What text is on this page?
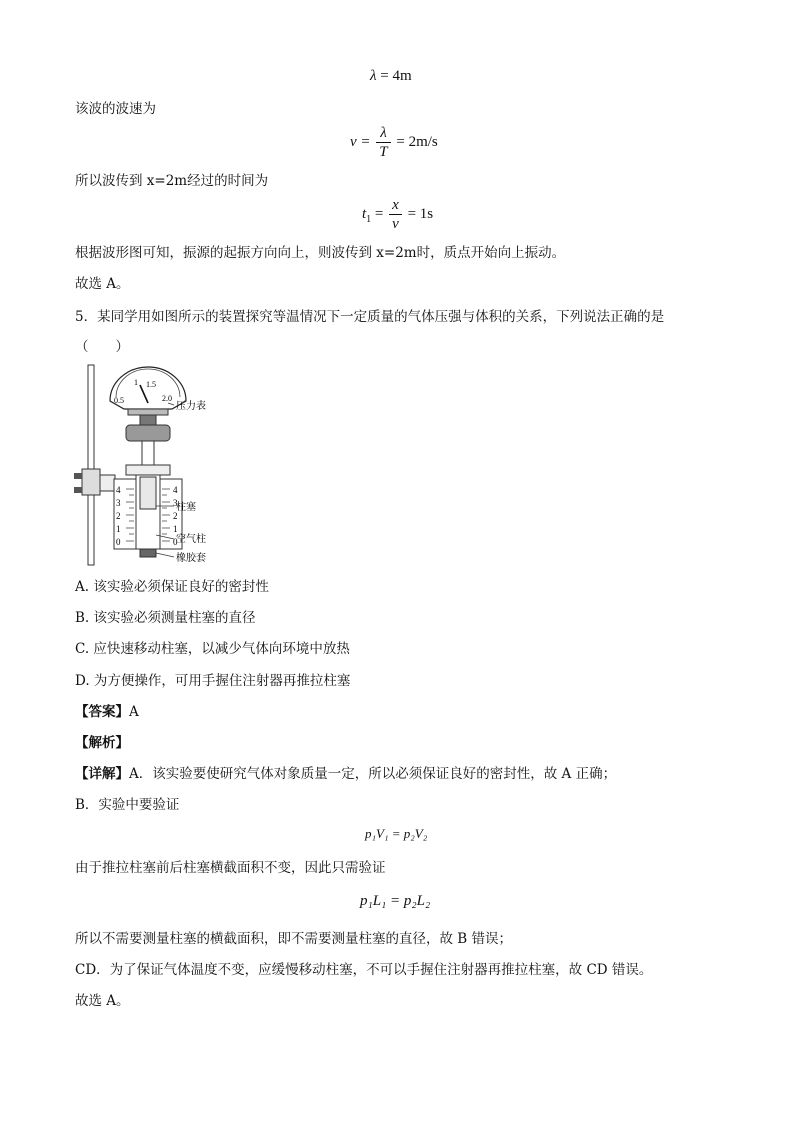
λ = 4m
该波的波速为
$v = \frac{\lambda}{T} = 2m/s$
所以波传到 x=2m经过的时间为
$t_1 = \frac{x}{v} = 1s$
根据波形图可知，振源的起振方向向上，则波传到 x=2m时，质点开始向上振动。
故选 A。
5．某同学用如图所示的装置探究等温情况下一定质量的气体压强与体积的关系，下列说法正确的是
（　　）
0.5
1 1.5
2.0
4
3
2
1
0
4
3
2
1
0
压力表
柱塞
空气柱
橡胶套
A. 该实验必须保证良好的密封性
B. 该实验必须测量柱塞的直径
C. 应快速移动柱塞，以减少气体向环境中放热
D. 为方便操作，可用手握住注射器再推拉柱塞
【答案】A
【解析】
【详解】A．该实验要使研究气体对象质量一定，所以必须保证良好的密封性，故 A 正确；
B．实验中要验证
p₁V₁ = p₂V₂
由于推拉柱塞前后柱塞横截面积不变，因此只需验证
p₁L₁ = p₂L₂
所以不需要测量柱塞的横截面积，即不需要测量柱塞的直径，故 B 错误；
CD．为了保证气体温度不变，应缓慢移动柱塞，不可以手握住注射器再推拉柱塞，故 CD 错误。
故选 A。
